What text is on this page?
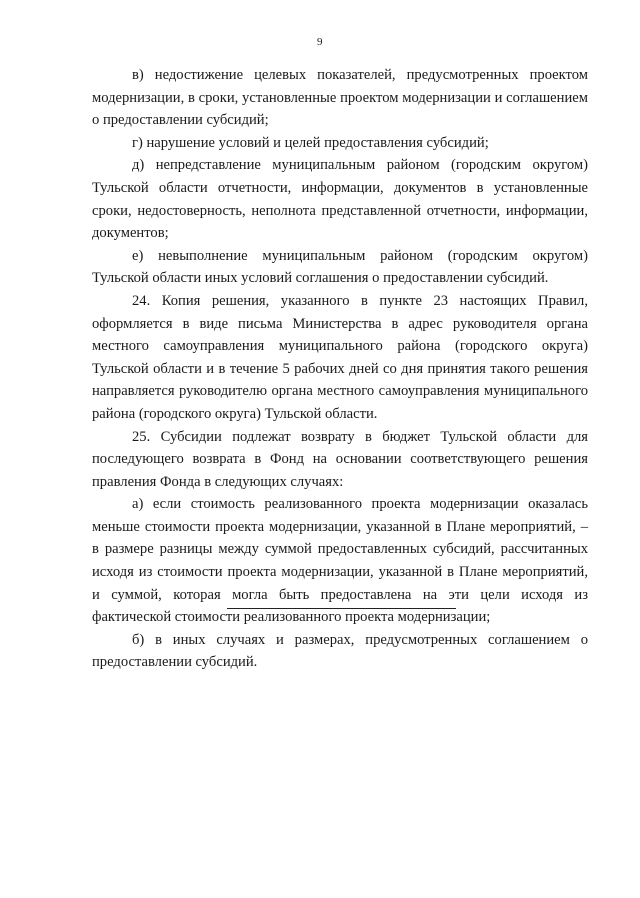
9

в) недостижение целевых показателей, предусмотренных проектом модернизации, в сроки, установленные проектом модернизации и соглашением о предоставлении субсидий;

г) нарушение условий и целей предоставления субсидий;

д) непредставление муниципальным районом (городским округом) Тульской области отчетности, информации, документов в установленные сроки, недостоверность, неполнота представленной отчетности, информации, документов;

е) невыполнение муниципальным районом (городским округом) Тульской области иных условий соглашения о предоставлении субсидий.

24. Копия решения, указанного в пункте 23 настоящих Правил, оформляется в виде письма Министерства в адрес руководителя органа местного самоуправления муниципального района (городского округа) Тульской области и в течение 5 рабочих дней со дня принятия такого решения направляется руководителю органа местного самоуправления муниципального района (городского округа) Тульской области.

25. Субсидии подлежат возврату в бюджет Тульской области для последующего возврата в Фонд на основании соответствующего решения правления Фонда в следующих случаях:

а) если стоимость реализованного проекта модернизации оказалась меньше стоимости проекта модернизации, указанной в Плане мероприятий, – в размере разницы между суммой предоставленных субсидий, рассчитанных исходя из стоимости проекта модернизации, указанной в Плане мероприятий, и суммой, которая могла быть предоставлена на эти цели исходя из фактической стоимости реализованного проекта модернизации;

б) в иных случаях и размерах, предусмотренных соглашением о предоставлении субсидий.
